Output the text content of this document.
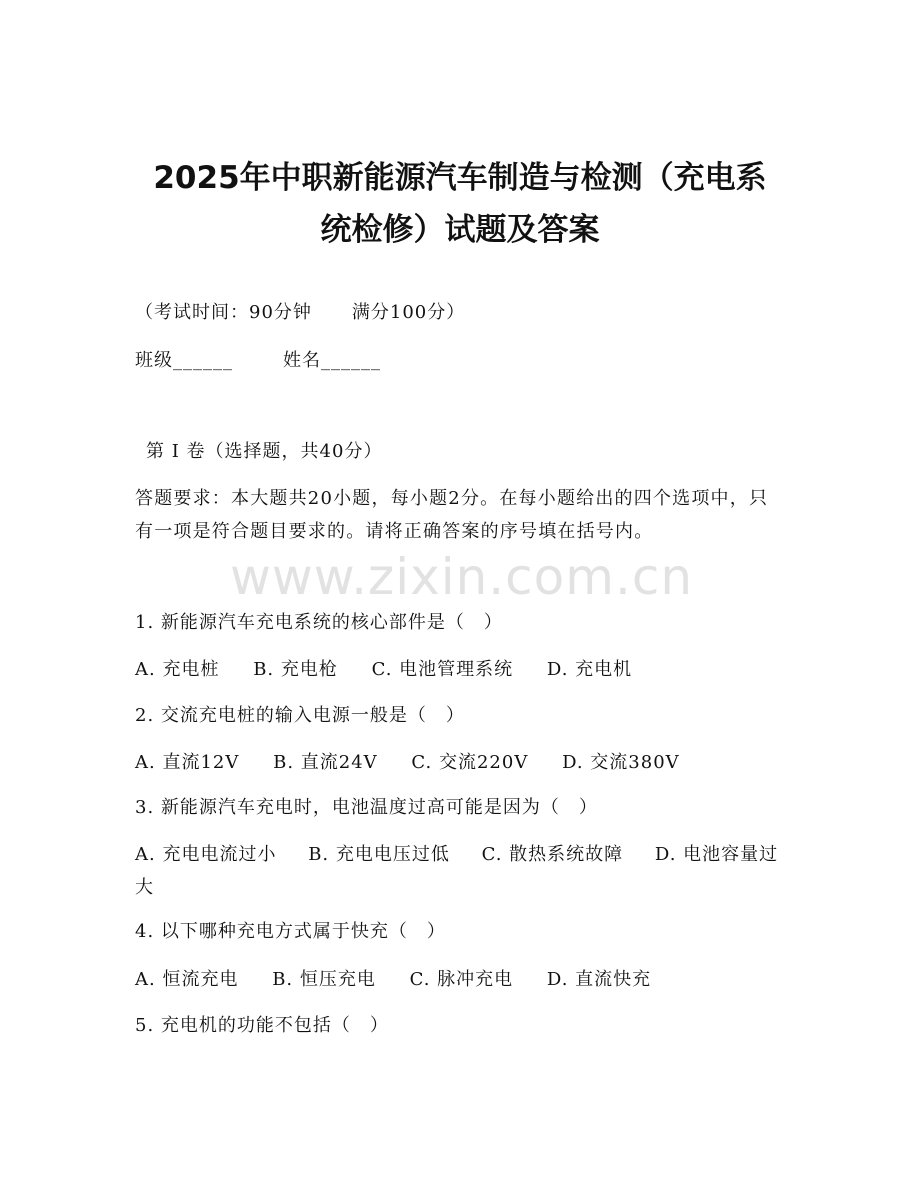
www.zixin.com.cn
2025年中职新能源汽车制造与检测（充电系
统检修）试题及答案
（考试时间：90分钟 满分100分）
班级______	姓名______
第 I 卷（选择题，共40分）
答题要求：本大题共20小题，每小题2分。在每小题给出的四个选项中，只有一项是符合题目要求的。请将正确答案的序号填在括号内。
1. 新能源汽车充电系统的核心部件是（　）
A. 充电桩 B. 充电枪 C. 电池管理系统 D. 充电机
2. 交流充电桩的输入电源一般是（　）
A. 直流12V B. 直流24V C. 交流220V D. 交流380V
3. 新能源汽车充电时，电池温度过高可能是因为（　）
A. 充电电流过小 B. 充电电压过低 C. 散热系统故障 D. 电池容量过大
4. 以下哪种充电方式属于快充（　）
A. 恒流充电 B. 恒压充电 C. 脉冲充电 D. 直流快充
5. 充电机的功能不包括（　）
